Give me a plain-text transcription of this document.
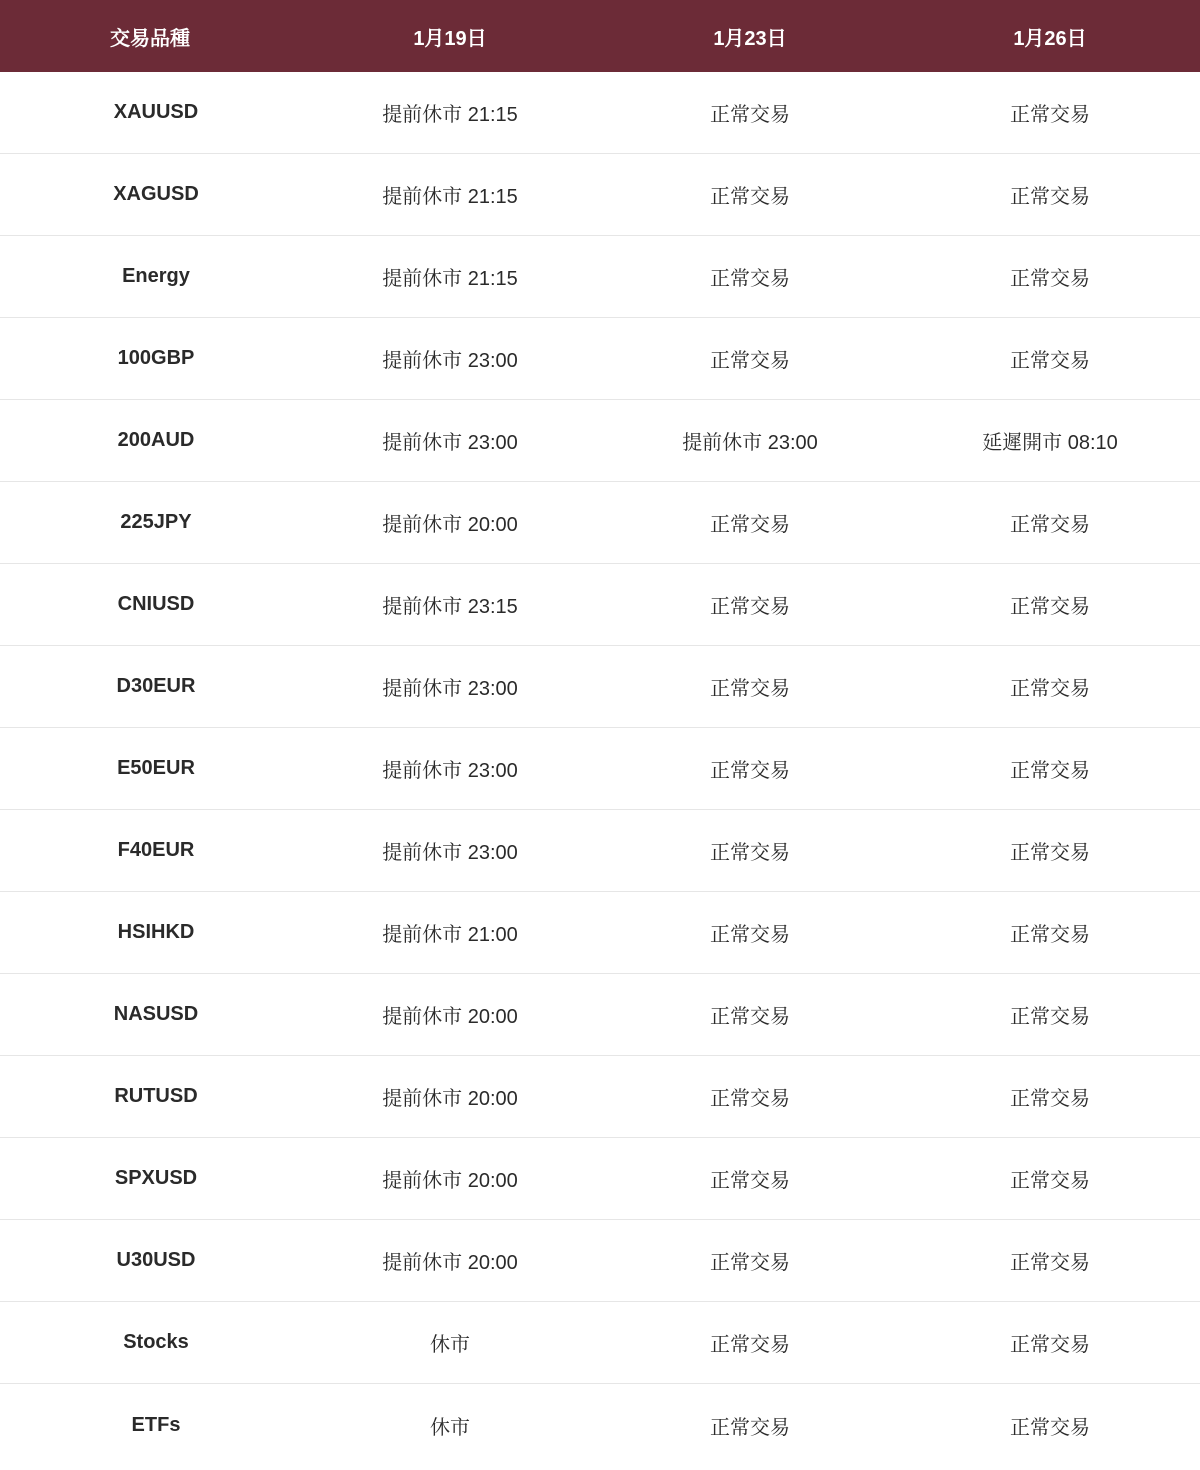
交易品種	1月19日	1月23日	1月26日
XAUUSD	提前休市 21:15	正常交易	正常交易
XAGUSD	提前休市 21:15	正常交易	正常交易
Energy	提前休市 21:15	正常交易	正常交易
100GBP	提前休市 23:00	正常交易	正常交易
200AUD	提前休市 23:00	提前休市 23:00	延遲開市 08:10
225JPY	提前休市 20:00	正常交易	正常交易
CNIUSD	提前休市 23:15	正常交易	正常交易
D30EUR	提前休市 23:00	正常交易	正常交易
E50EUR	提前休市 23:00	正常交易	正常交易
F40EUR	提前休市 23:00	正常交易	正常交易
HSIHKD	提前休市 21:00	正常交易	正常交易
NASUSD	提前休市 20:00	正常交易	正常交易
RUTUSD	提前休市 20:00	正常交易	正常交易
SPXUSD	提前休市 20:00	正常交易	正常交易
U30USD	提前休市 20:00	正常交易	正常交易
Stocks	休市	正常交易	正常交易
ETFs	休市	正常交易	正常交易
